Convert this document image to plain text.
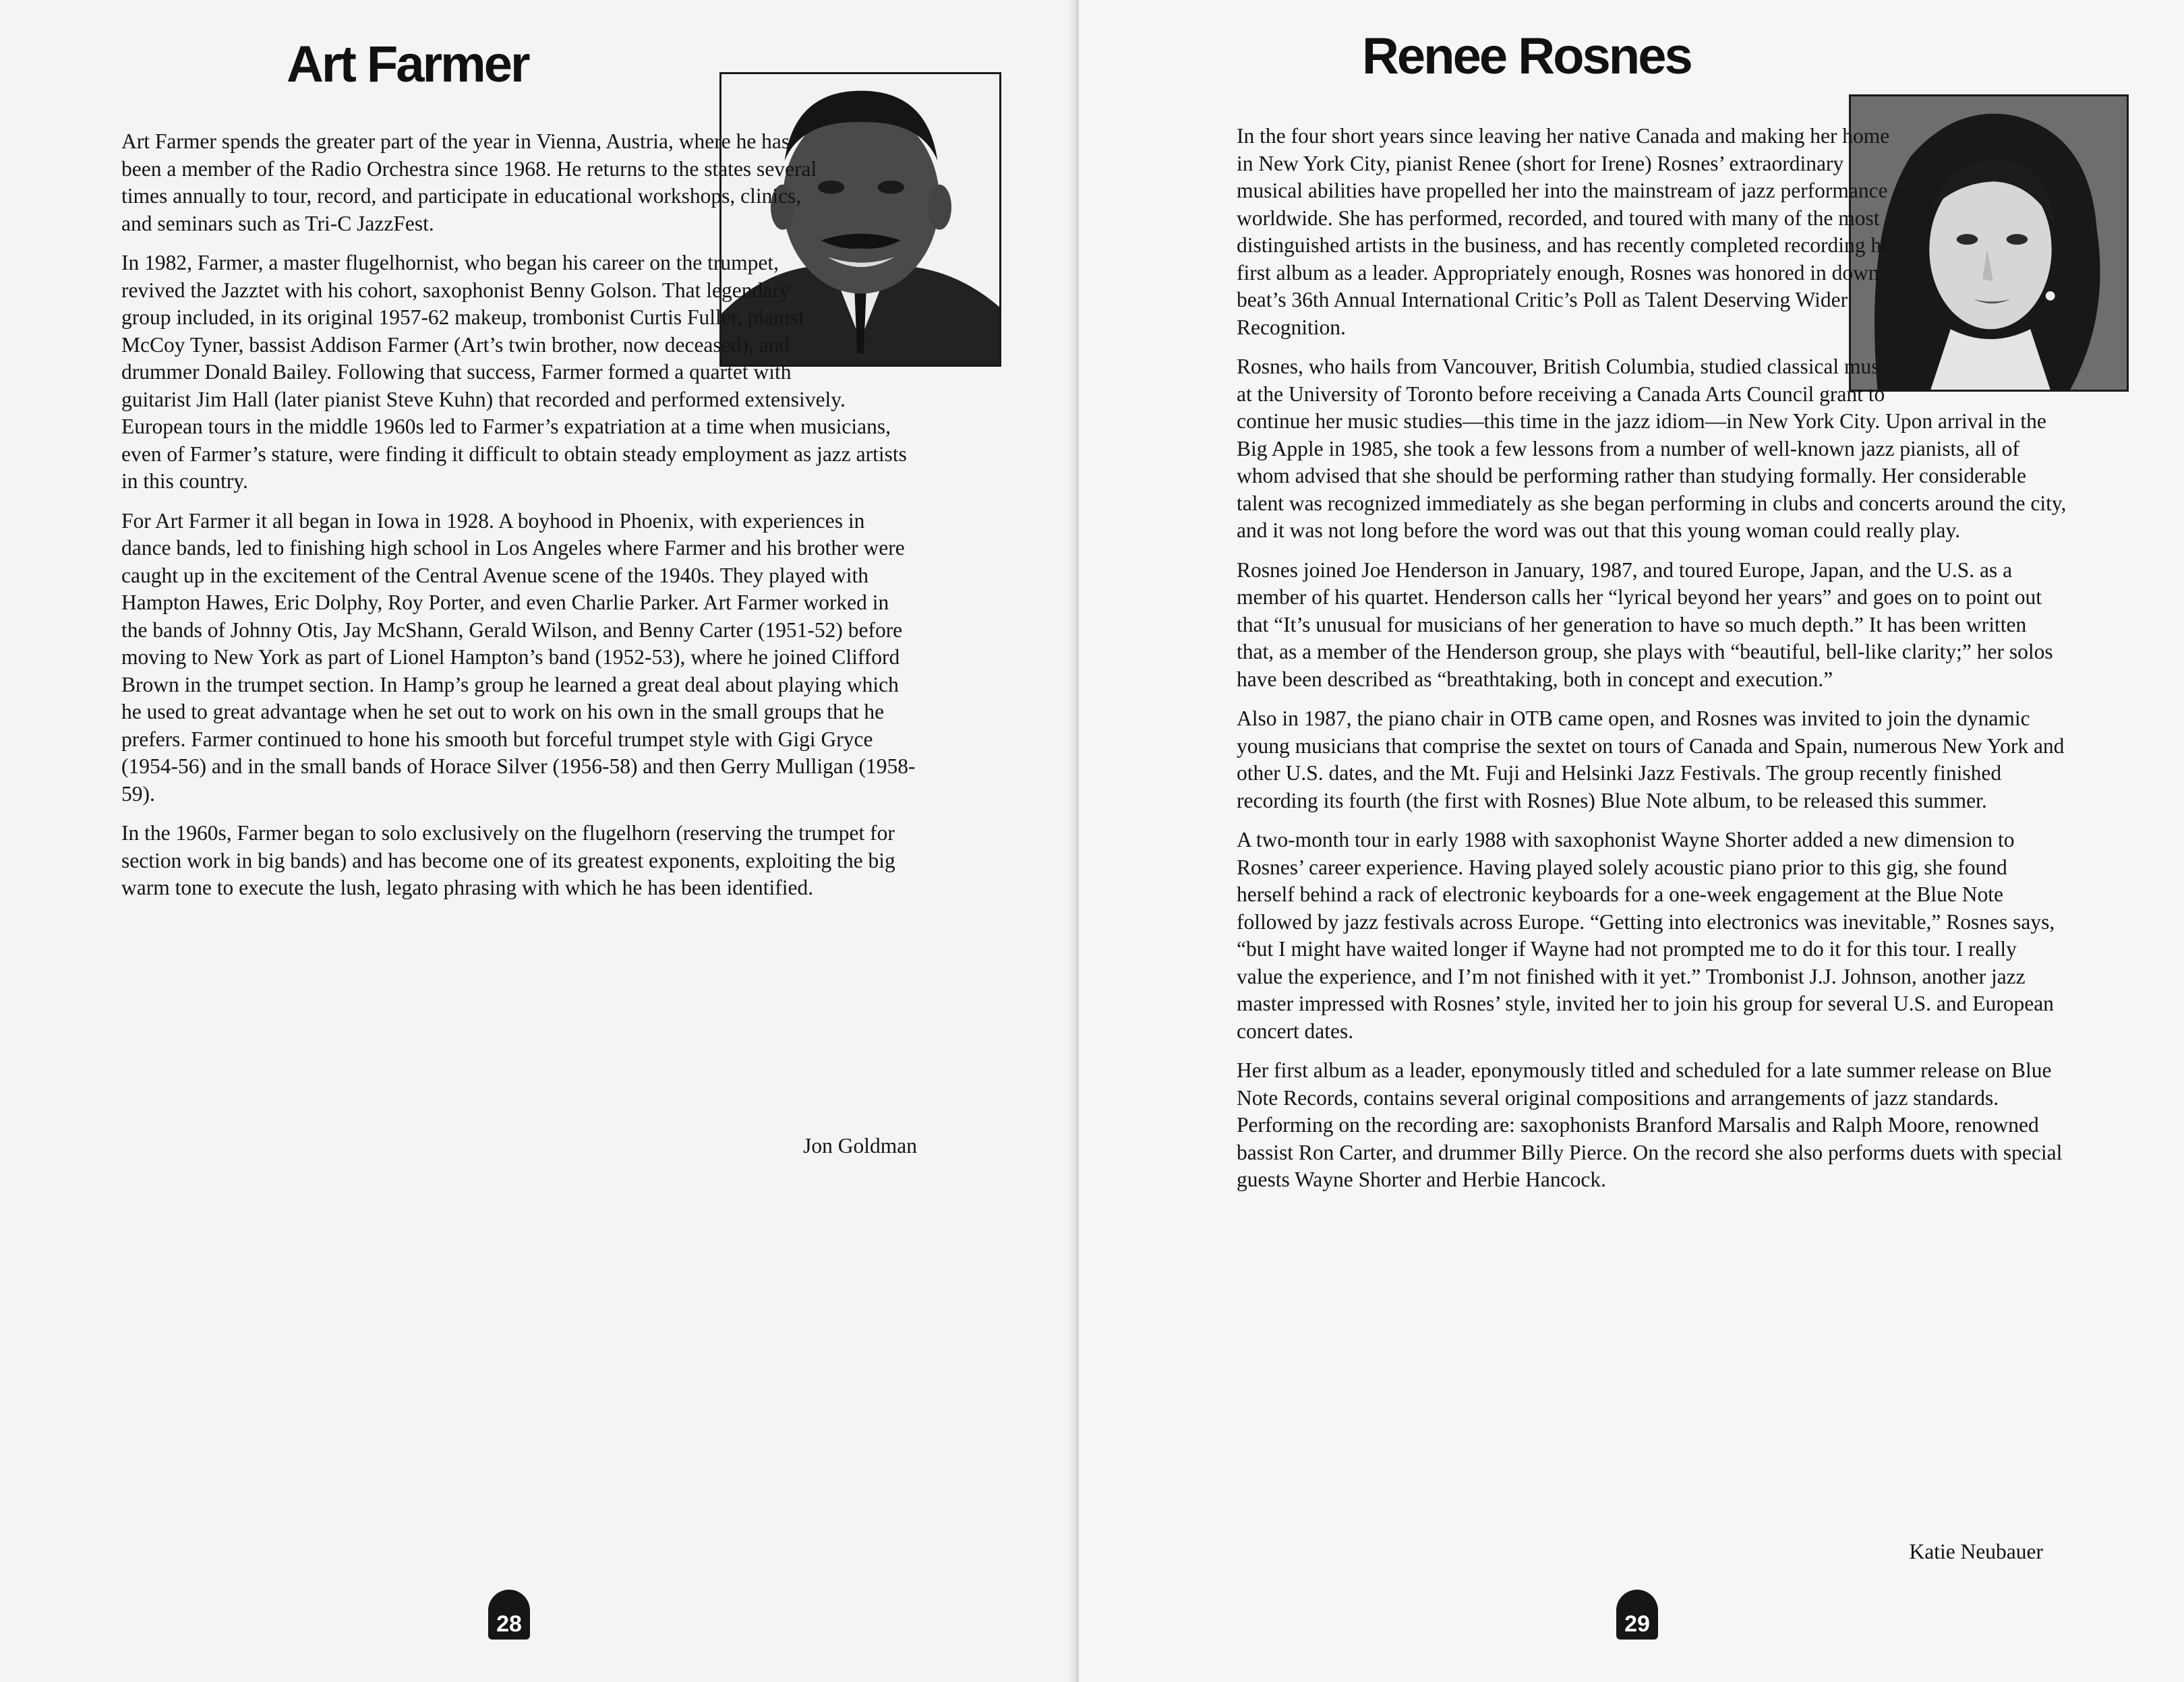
Art Farmer

Art Farmer spends the greater part of the year in Vienna, Austria, where he has been a member of the Radio Orchestra since 1968. He returns to the states several times annually to tour, record, and participate in educational workshops, clinics, and seminars such as Tri-C JazzFest.

In 1982, Farmer, a master flugelhornist, who began his career on the trumpet, revived the Jazztet with his cohort, saxophonist Benny Golson. That legendary group included, in its original 1957-62 makeup, trombonist Curtis Fuller, pianist McCoy Tyner, bassist Addison Farmer (Art’s twin brother, now deceased), and drummer Donald Bailey. Following that success, Farmer formed a quartet with guitarist Jim Hall (later pianist Steve Kuhn) that recorded and performed extensively. European tours in the middle 1960s led to Farmer’s expatriation at a time when musicians, even of Farmer’s stature, were finding it difficult to obtain steady employment as jazz artists in this country.

For Art Farmer it all began in Iowa in 1928. A boyhood in Phoenix, with experiences in dance bands, led to finishing high school in Los Angeles where Farmer and his brother were caught up in the excitement of the Central Avenue scene of the 1940s. They played with Hampton Hawes, Eric Dolphy, Roy Porter, and even Charlie Parker. Art Farmer worked in the bands of Johnny Otis, Jay McShann, Gerald Wilson, and Benny Carter (1951-52) before moving to New York as part of Lionel Hampton’s band (1952-53), where he joined Clifford Brown in the trumpet section. In Hamp’s group he learned a great deal about playing which he used to great advantage when he set out to work on his own in the small groups that he prefers. Farmer continued to hone his smooth but forceful trumpet style with Gigi Gryce (1954-56) and in the small bands of Horace Silver (1956-58) and then Gerry Mulligan (1958-59).

In the 1960s, Farmer began to solo exclusively on the flugelhorn (reserving the trumpet for section work in big bands) and has become one of its greatest exponents, exploiting the big warm tone to execute the lush, legato phrasing with which he has been identified.

Jon Goldman

28
Renee Rosnes

In the four short years since leaving her native Canada and making her home in New York City, pianist Renee (short for Irene) Rosnes’ extraordinary musical abilities have propelled her into the mainstream of jazz performance worldwide. She has performed, recorded, and toured with many of the most distinguished artists in the business, and has recently completed recording her first album as a leader. Appropriately enough, Rosnes was honored in down beat’s 36th Annual International Critic’s Poll as Talent Deserving Wider Recognition.

Rosnes, who hails from Vancouver, British Columbia, studied classical music at the University of Toronto before receiving a Canada Arts Council grant to continue her music studies—this time in the jazz idiom—in New York City. Upon arrival in the Big Apple in 1985, she took a few lessons from a number of well-known jazz pianists, all of whom advised that she should be performing rather than studying formally. Her considerable talent was recognized immediately as she began performing in clubs and concerts around the city, and it was not long before the word was out that this young woman could really play.

Rosnes joined Joe Henderson in January, 1987, and toured Europe, Japan, and the U.S. as a member of his quartet. Henderson calls her “lyrical beyond her years” and goes on to point out that “It’s unusual for musicians of her generation to have so much depth.” It has been written that, as a member of the Henderson group, she plays with “beautiful, bell-like clarity;” her solos have been described as “breathtaking, both in concept and execution.”

Also in 1987, the piano chair in OTB came open, and Rosnes was invited to join the dynamic young musicians that comprise the sextet on tours of Canada and Spain, numerous New York and other U.S. dates, and the Mt. Fuji and Helsinki Jazz Festivals. The group recently finished recording its fourth (the first with Rosnes) Blue Note album, to be released this summer.

A two-month tour in early 1988 with saxophonist Wayne Shorter added a new dimension to Rosnes’ career experience. Having played solely acoustic piano prior to this gig, she found herself behind a rack of electronic keyboards for a one-week engagement at the Blue Note followed by jazz festivals across Europe. “Getting into electronics was inevitable,” Rosnes says, “but I might have waited longer if Wayne had not prompted me to do it for this tour. I really value the experience, and I’m not finished with it yet.” Trombonist J.J. Johnson, another jazz master impressed with Rosnes’ style, invited her to join his group for several U.S. and European concert dates.

Her first album as a leader, eponymously titled and scheduled for a late summer release on Blue Note Records, contains several original compositions and arrangements of jazz standards. Performing on the recording are: saxophonists Branford Marsalis and Ralph Moore, renowned bassist Ron Carter, and drummer Billy Pierce. On the record she also performs duets with special guests Wayne Shorter and Herbie Hancock.

Katie Neubauer

29
